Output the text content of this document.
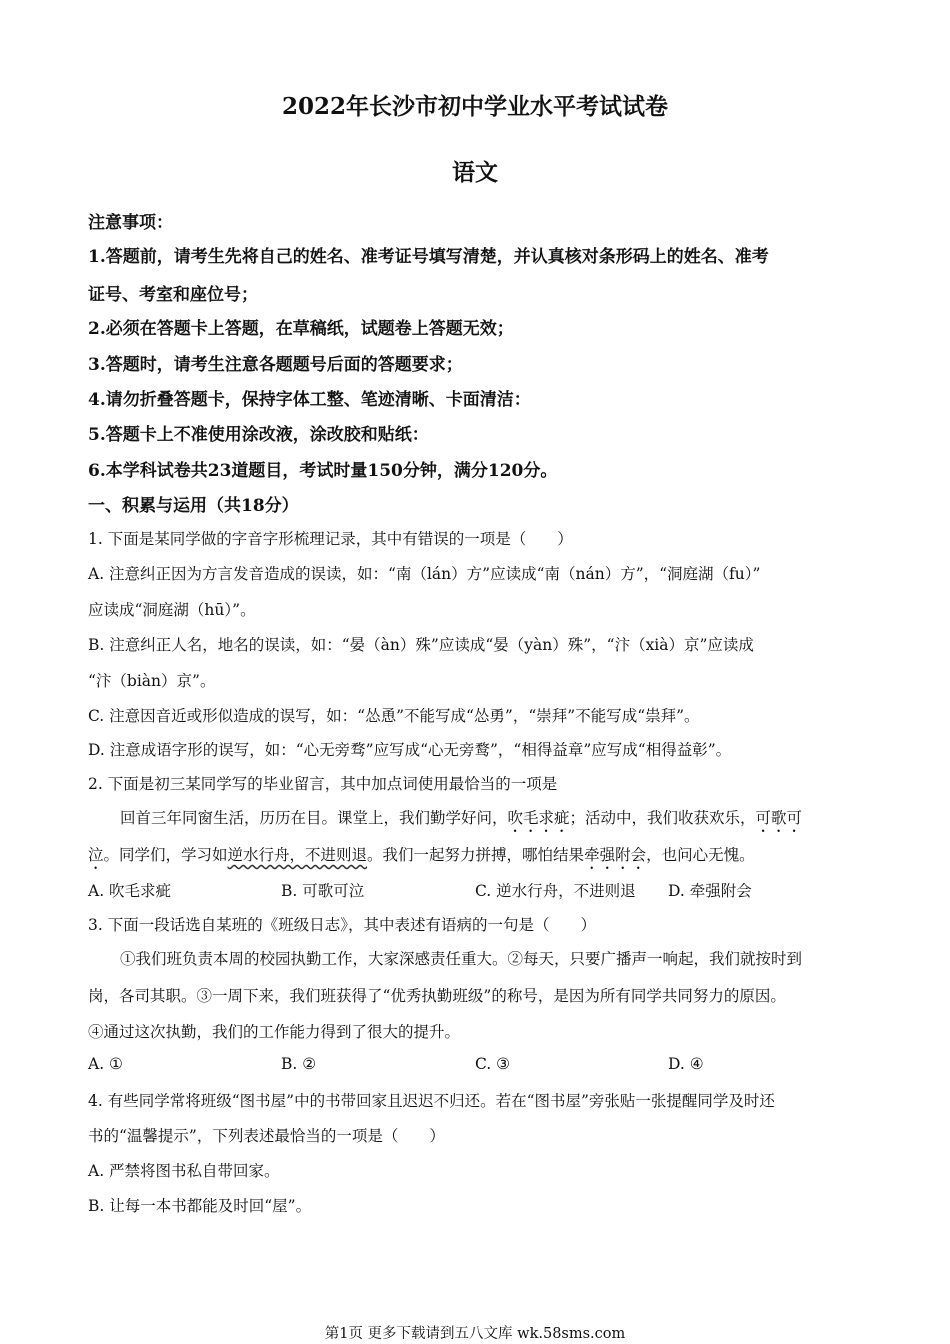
2022年长沙市初中学业水平考试试卷
语文
注意事项：
1.答题前，请考生先将自己的姓名、准考证号填写清楚，并认真核对条形码上的姓名、准考
证号、考室和座位号；
2.必须在答题卡上答题，在草稿纸，试题卷上答题无效；
3.答题时，请考生注意各题题号后面的答题要求；
4.请勿折叠答题卡，保持字体工整、笔迹清晰、卡面清洁：
5.答题卡上不准使用涂改液，涂改胶和贴纸：
6.本学科试卷共23道题目，考试时量150分钟，满分120分。
一、积累与运用（共18分）
1. 下面是某同学做的字音字形梳理记录，其中有错误的一项是（　　）
A. 注意纠正因为方言发音造成的误读，如：“南（lán）方”应读成“南（nán）方”，“洞庭湖（fu）”
应读成“洞庭湖（hū）”。
B. 注意纠正人名，地名的误读，如：“晏（àn）殊”应读成“晏（yàn）殊”，“汴（xià）京”应读成
“汴（biàn）京”。
C. 注意因音近或形似造成的误写，如：“怂恿”不能写成“怂勇”，“崇拜”不能写成“祟拜”。
D. 注意成语字形的误写，如：“心无旁骛”应写成“心无旁鹜”，“相得益章”应写成“相得益彰”。
2. 下面是初三某同学写的毕业留言，其中加点词使用最恰当的一项是
回首三年同窗生活，历历在目。课堂上，我们勤学好问，吹毛求疵；活动中，我们收获欢乐，可歌可
泣。同学们，学习如逆水行舟，不进则退。我们一起努力拼搏，哪怕结果牵强附会，也问心无愧。
A. 吹毛求疵	B. 可歌可泣	C. 逆水行舟，不进则退 D. 牵强附会
3. 下面一段话选自某班的《班级日志》，其中表述有语病的一句是（　　）
①我们班负责本周的校园执勤工作，大家深感责任重大。②每天，只要广播声一响起，我们就按时到
岗，各司其职。③一周下来，我们班获得了“优秀执勤班级”的称号，是因为所有同学共同努力的原因。
④通过这次执勤，我们的工作能力得到了很大的提升。
A. ①	B. ②	C. ③	D. ④
4. 有些同学常将班级“图书屋”中的书带回家且迟迟不归还。若在“图书屋”旁张贴一张提醒同学及时还
书的“温馨提示”，下列表述最恰当的一项是（　　）
A. 严禁将图书私自带回家。
B. 让每一本书都能及时回“屋”。
第1页 更多下载请到五八文库 wk.58sms.com
